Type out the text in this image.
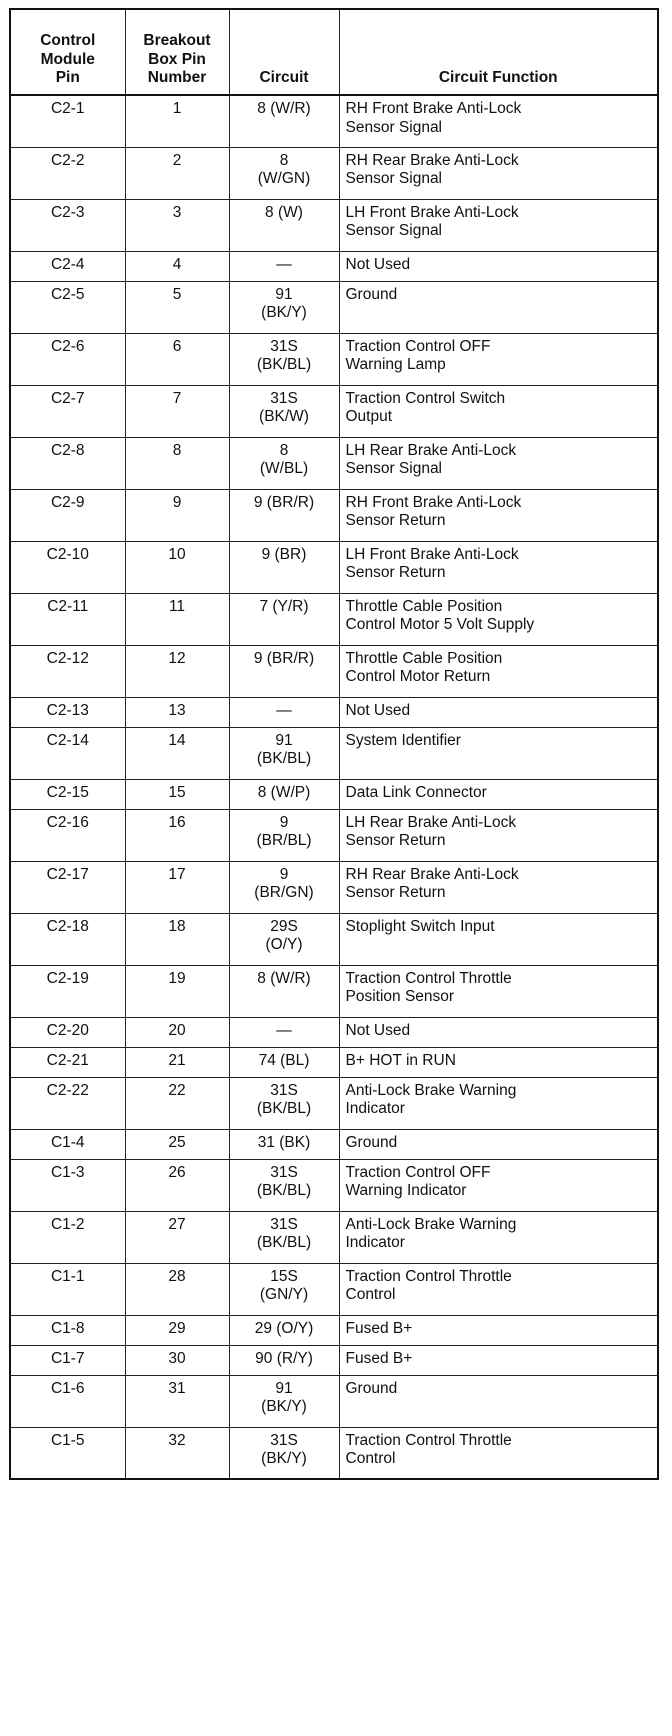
Control
Module
Pin	Breakout
Box Pin
Number	Circuit	Circuit Function

C2-1	1	8 (W/R)	RH Front Brake Anti-Lock
Sensor Signal

C2-2	2	8
(W/GN)	RH Rear Brake Anti-Lock
Sensor Signal

C2-3	3	8 (W)	LH Front Brake Anti-Lock
Sensor Signal

C2-4	4	—	Not Used

C2-5	5	91
(BK/Y)	Ground

C2-6	6	31S
(BK/BL)	Traction Control OFF
Warning Lamp

C2-7	7	31S
(BK/W)	Traction Control Switch
Output

C2-8	8	8
(W/BL)	LH Rear Brake Anti-Lock
Sensor Signal

C2-9	9	9 (BR/R)	RH Front Brake Anti-Lock
Sensor Return

C2-10	10	9 (BR)	LH Front Brake Anti-Lock
Sensor Return

C2-11	11	7 (Y/R)	Throttle Cable Position
Control Motor 5 Volt Supply

C2-12	12	9 (BR/R)	Throttle Cable Position
Control Motor Return

C2-13	13	—	Not Used

C2-14	14	91
(BK/BL)	System Identifier

C2-15	15	8 (W/P)	Data Link Connector

C2-16	16	9
(BR/BL)	LH Rear Brake Anti-Lock
Sensor Return

C2-17	17	9
(BR/GN)	RH Rear Brake Anti-Lock
Sensor Return

C2-18	18	29S
(O/Y)	Stoplight Switch Input

C2-19	19	8 (W/R)	Traction Control Throttle
Position Sensor

C2-20	20	—	Not Used

C2-21	21	74 (BL)	B+ HOT in RUN

C2-22	22	31S
(BK/BL)	Anti-Lock Brake Warning
Indicator

C1-4	25	31 (BK)	Ground

C1-3	26	31S
(BK/BL)	Traction Control OFF
Warning Indicator

C1-2	27	31S
(BK/BL)	Anti-Lock Brake Warning
Indicator

C1-1	28	15S
(GN/Y)	Traction Control Throttle
Control

C1-8	29	29 (O/Y)	Fused B+

C1-7	30	90 (R/Y)	Fused B+

C1-6	31	91
(BK/Y)	Ground

C1-5	32	31S
(BK/Y)	Traction Control Throttle
Control
